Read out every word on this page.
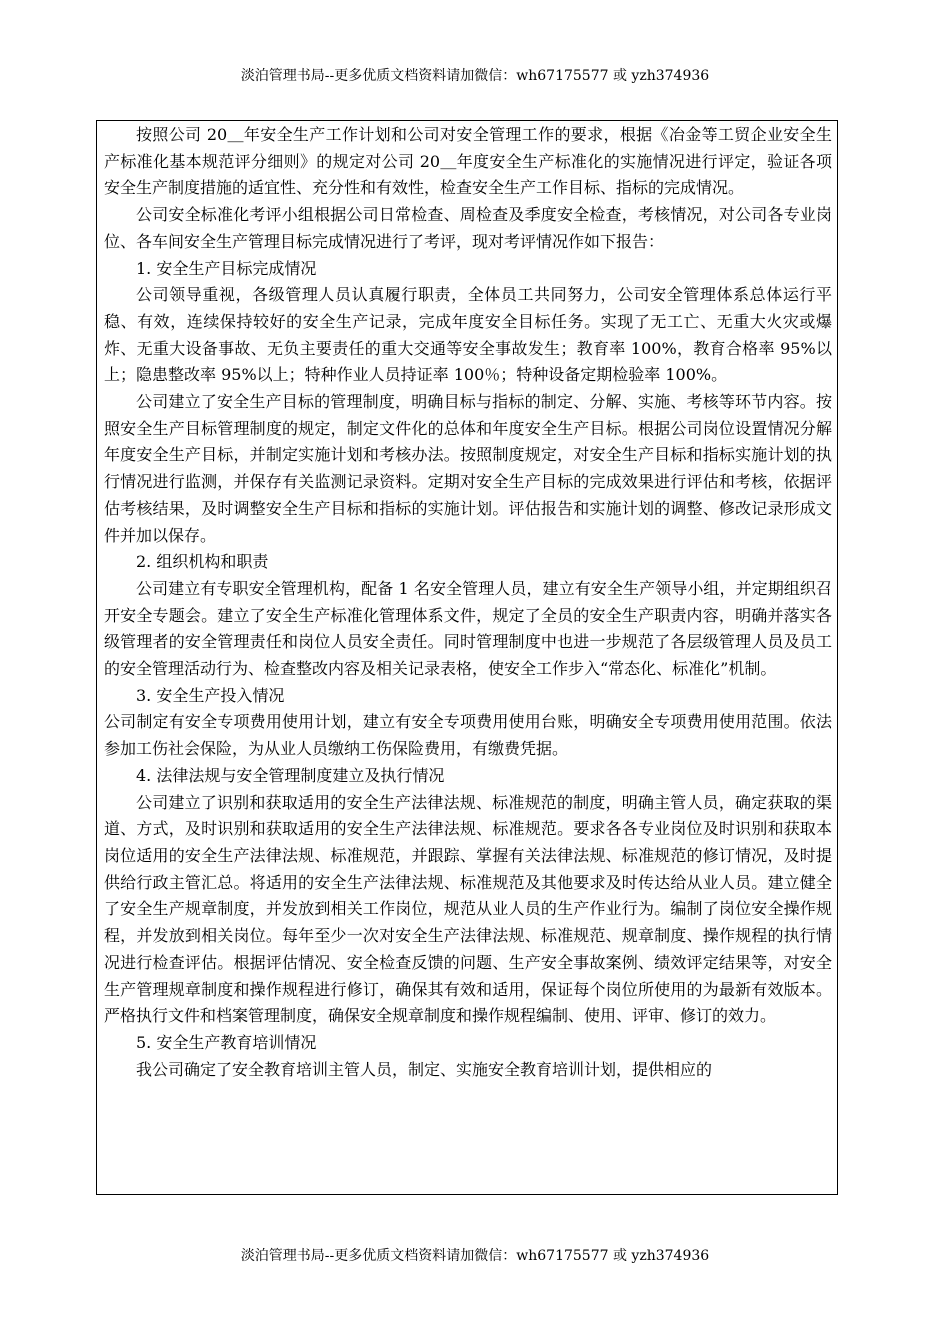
淡泊管理书局--更多优质文档资料请加微信：wh67175577 或 yzh374936

按照公司 20＿年安全生产工作计划和公司对安全管理工作的要求，根据《冶金等工贸企业安全生产标准化基本规范评分细则》的规定对公司 20＿年度安全生产标准化的实施情况进行评定，验证各项安全生产制度措施的适宜性、充分性和有效性，检查安全生产工作目标、指标的完成情况。

公司安全标准化考评小组根据公司日常检查、周检查及季度安全检查，考核情况，对公司各专业岗位、各车间安全生产管理目标完成情况进行了考评，现对考评情况作如下报告：

1. 安全生产目标完成情况

公司领导重视，各级管理人员认真履行职责，全体员工共同努力，公司安全管理体系总体运行平稳、有效，连续保持较好的安全生产记录，完成年度安全目标任务。实现了无工亡、无重大火灾或爆炸、无重大设备事故、无负主要责任的重大交通等安全事故发生；教育率 100%，教育合格率 95%以上；隐患整改率 95%以上；特种作业人员持证率 100％；特种设备定期检验率 100%。

公司建立了安全生产目标的管理制度，明确目标与指标的制定、分解、实施、考核等环节内容。按照安全生产目标管理制度的规定，制定文件化的总体和年度安全生产目标。根据公司岗位设置情况分解年度安全生产目标，并制定实施计划和考核办法。按照制度规定，对安全生产目标和指标实施计划的执行情况进行监测，并保存有关监测记录资料。定期对安全生产目标的完成效果进行评估和考核，依据评估考核结果，及时调整安全生产目标和指标的实施计划。评估报告和实施计划的调整、修改记录形成文件并加以保存。

2. 组织机构和职责

公司建立有专职安全管理机构，配备 1 名安全管理人员，建立有安全生产领导小组，并定期组织召开安全专题会。建立了安全生产标准化管理体系文件，规定了全员的安全生产职责内容，明确并落实各级管理者的安全管理责任和岗位人员安全责任。同时管理制度中也进一步规范了各层级管理人员及员工的安全管理活动行为、检查整改内容及相关记录表格，使安全工作步入“常态化、标准化”机制。

3. 安全生产投入情况

公司制定有安全专项费用使用计划，建立有安全专项费用使用台账，明确安全专项费用使用范围。依法参加工伤社会保险，为从业人员缴纳工伤保险费用，有缴费凭据。

4. 法律法规与安全管理制度建立及执行情况

公司建立了识别和获取适用的安全生产法律法规、标准规范的制度，明确主管人员，确定获取的渠道、方式，及时识别和获取适用的安全生产法律法规、标准规范。要求各各专业岗位及时识别和获取本岗位适用的安全生产法律法规、标准规范，并跟踪、掌握有关法律法规、标准规范的修订情况，及时提供给行政主管汇总。将适用的安全生产法律法规、标准规范及其他要求及时传达给从业人员。建立健全了安全生产规章制度，并发放到相关工作岗位，规范从业人员的生产作业行为。编制了岗位安全操作规程，并发放到相关岗位。每年至少一次对安全生产法律法规、标准规范、规章制度、操作规程的执行情况进行检查评估。根据评估情况、安全检查反馈的问题、生产安全事故案例、绩效评定结果等，对安全生产管理规章制度和操作规程进行修订，确保其有效和适用，保证每个岗位所使用的为最新有效版本。严格执行文件和档案管理制度，确保安全规章制度和操作规程编制、使用、评审、修订的效力。

5. 安全生产教育培训情况

我公司确定了安全教育培训主管人员，制定、实施安全教育培训计划，提供相应的

淡泊管理书局--更多优质文档资料请加微信：wh67175577 或 yzh374936
